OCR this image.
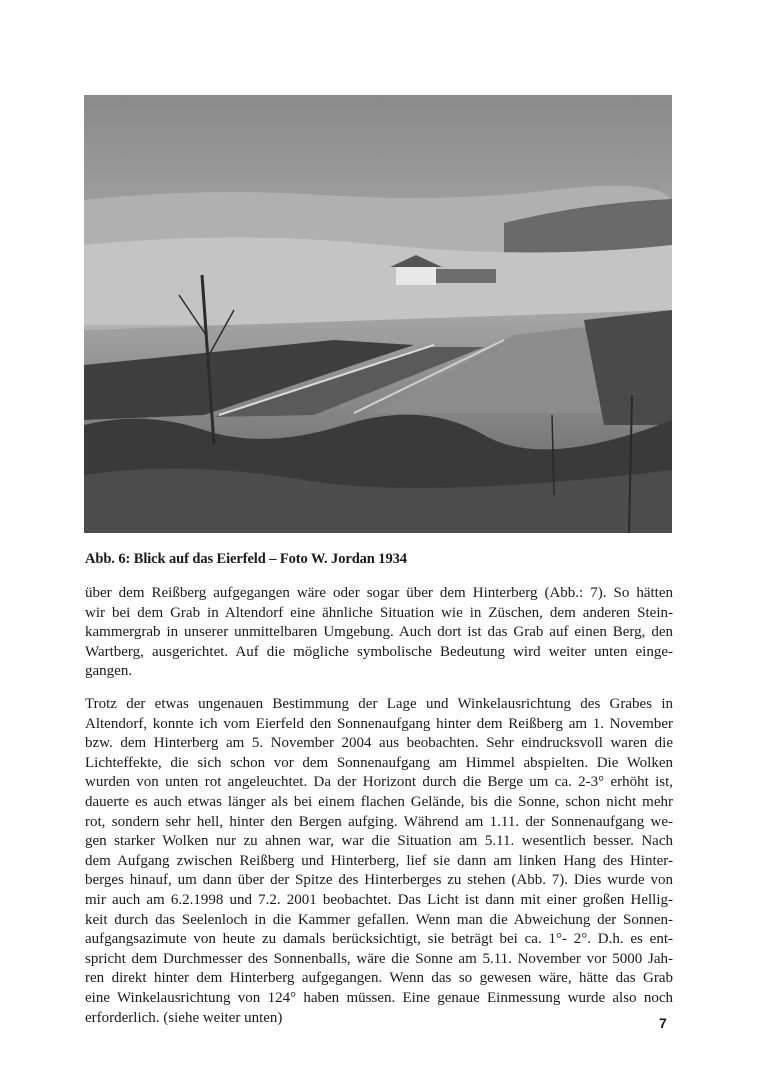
Abb. 6: Blick auf das Eierfeld – Foto W. Jordan 1934

über dem Reißberg aufgegangen wäre oder sogar über dem Hinterberg (Abb.: 7). So hätten
wir bei dem Grab in Altendorf eine ähnliche Situation wie in Züschen, dem anderen Stein-
kammergrab in unserer unmittelbaren Umgebung. Auch dort ist das Grab auf einen Berg, den
Wartberg, ausgerichtet. Auf die mögliche symbolische Bedeutung wird weiter unten einge-
gangen.

Trotz der etwas ungenauen Bestimmung der Lage und Winkelausrichtung des Grabes in
Altendorf, konnte ich vom Eierfeld den Sonnenaufgang hinter dem Reißberg am 1. November
bzw. dem Hinterberg am 5. November 2004 aus beobachten. Sehr eindrucksvoll waren die
Lichteffekte, die sich schon vor dem Sonnenaufgang am Himmel abspielten. Die Wolken
wurden von unten rot angeleuchtet. Da der Horizont durch die Berge um ca. 2-3° erhöht ist,
dauerte es auch etwas länger als bei einem flachen Gelände, bis die Sonne, schon nicht mehr
rot, sondern sehr hell, hinter den Bergen aufging. Während am 1.11. der Sonnenaufgang we-
gen starker Wolken nur zu ahnen war, war die Situation am 5.11. wesentlich besser. Nach
dem Aufgang zwischen Reißberg und Hinterberg, lief sie dann am linken Hang des Hinter-
berges hinauf, um dann über der Spitze des Hinterberges zu stehen (Abb. 7). Dies wurde von
mir auch am 6.2.1998 und 7.2. 2001 beobachtet. Das Licht ist dann mit einer großen Hellig-
keit durch das Seelenloch in die Kammer gefallen. Wenn man die Abweichung der Sonnen-
aufgangsazimute von heute zu damals berücksichtigt, sie beträgt bei ca. 1°- 2°. D.h. es ent-
spricht dem Durchmesser des Sonnenballs, wäre die Sonne am 5.11. November vor 5000 Jah-
ren direkt hinter dem Hinterberg aufgegangen. Wenn das so gewesen wäre, hätte das Grab
eine Winkelausrichtung von 124° haben müssen. Eine genaue Einmessung wurde also noch
erforderlich. (siehe weiter unten)	7
